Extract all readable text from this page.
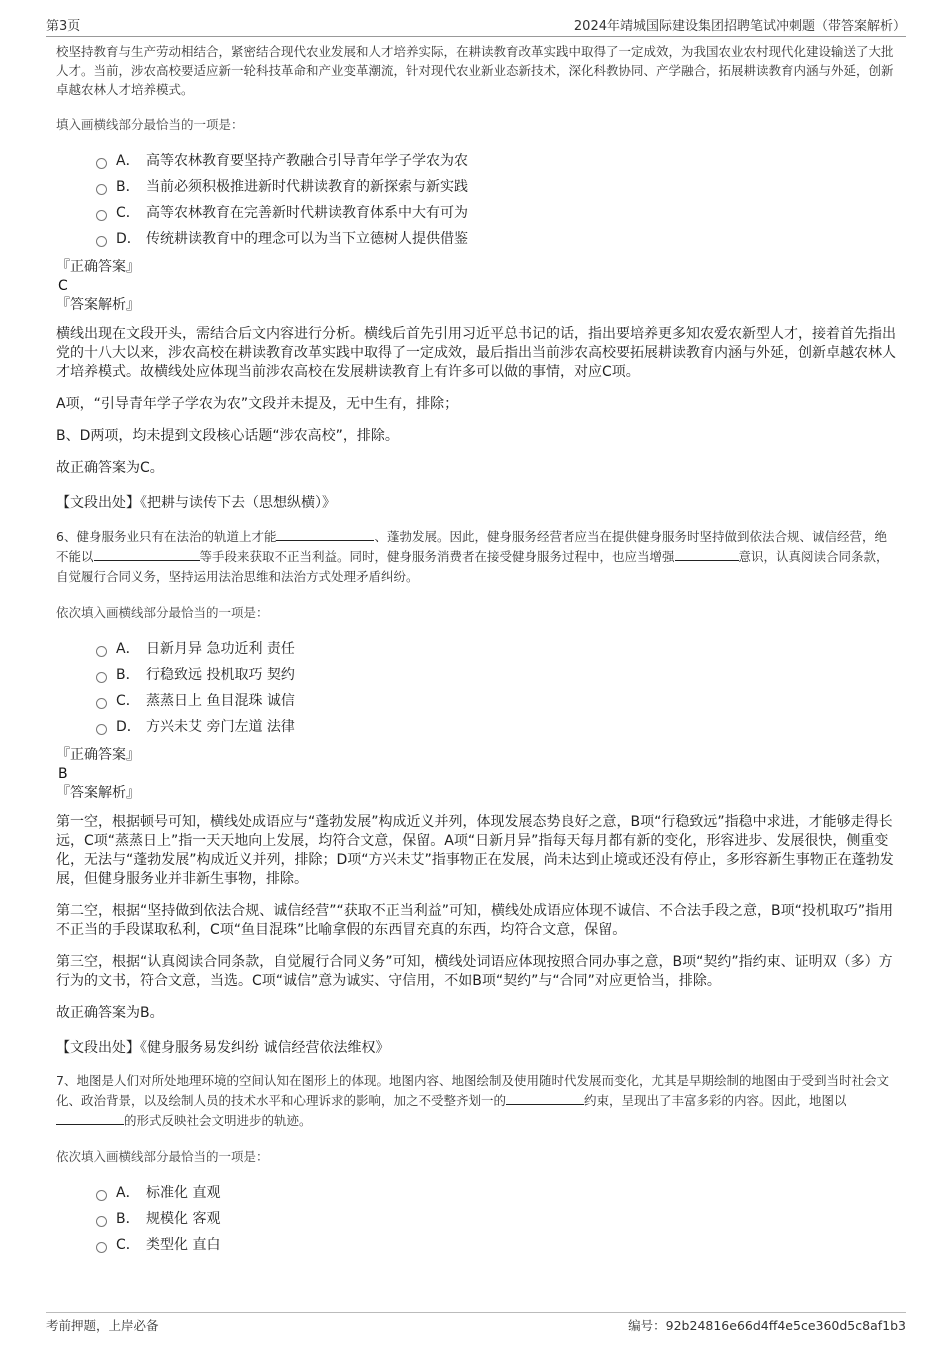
第3页	2024年靖城国际建设集团招聘笔试冲刺题（带答案解析）

校坚持教育与生产劳动相结合，紧密结合现代农业发展和人才培养实际，在耕读教育改革实践中取得了一定成效，为我国农业农村现代化建设输送了大批人才。当前，涉农高校要适应新一轮科技革命和产业变革潮流，针对现代农业新业态新技术，深化科教协同、产学融合，拓展耕读教育内涵与外延，创新卓越农林人才培养模式。

填入画横线部分最恰当的一项是：
A． 高等农林教育要坚持产教融合引导青年学子学农为农
B． 当前必须积极推进新时代耕读教育的新探索与新实践
C． 高等农林教育在完善新时代耕读教育体系中大有可为
D． 传统耕读教育中的理念可以为当下立德树人提供借鉴
『正确答案』
C
『答案解析』

横线出现在文段开头，需结合后文内容进行分析。横线后首先引用习近平总书记的话，指出要培养更多知农爱农新型人才，接着首先指出党的十八大以来，涉农高校在耕读教育改革实践中取得了一定成效，最后指出当前涉农高校要拓展耕读教育内涵与外延，创新卓越农林人才培养模式。故横线处应体现当前涉农高校在发展耕读教育上有许多可以做的事情，对应C项。

A项，“引导青年学子学农为农”文段并未提及，无中生有，排除；

B、D两项，均未提到文段核心话题“涉农高校”，排除。

故正确答案为C。

【文段出处】《把耕与读传下去（思想纵横）》

6、健身服务业只有在法治的轨道上才能	、蓬勃发展。因此，健身服务经营者应当在提供健身服务时坚持做到依法合规、诚信经营，绝不能以	等手段来获取不正当利益。同时，健身服务消费者在接受健身服务过程中，也应当增强	意识，认真阅读合同条款，自觉履行合同义务，坚持运用法治思维和法治方式处理矛盾纠纷。

依次填入画横线部分最恰当的一项是：
A． 日新月异 急功近利 责任
B． 行稳致远 投机取巧 契约
C． 蒸蒸日上 鱼目混珠 诚信
D． 方兴未艾 旁门左道 法律
『正确答案』
B
『答案解析』

第一空，根据顿号可知，横线处成语应与“蓬勃发展”构成近义并列，体现发展态势良好之意，B项“行稳致远”指稳中求进，才能够走得长远，C项“蒸蒸日上”指一天天地向上发展，均符合文意，保留。A项“日新月异”指每天每月都有新的变化，形容进步、发展很快，侧重变化，无法与“蓬勃发展”构成近义并列，排除；D项“方兴未艾”指事物正在发展，尚未达到止境或还没有停止，多形容新生事物正在蓬勃发展，但健身服务业并非新生事物，排除。

第二空，根据“坚持做到依法合规、诚信经营”“获取不正当利益”可知，横线处成语应体现不诚信、不合法手段之意，B项“投机取巧”指用不正当的手段谋取私利，C项“鱼目混珠”比喻拿假的东西冒充真的东西，均符合文意，保留。

第三空，根据“认真阅读合同条款，自觉履行合同义务”可知，横线处词语应体现按照合同办事之意，B项“契约”指约束、证明双（多）方行为的文书，符合文意，当选。C项“诚信”意为诚实、守信用，不如B项“契约”与“合同”对应更恰当，排除。

故正确答案为B。

【文段出处】《健身服务易发纠纷 诚信经营依法维权》

7、地图是人们对所处地理环境的空间认知在图形上的体现。地图内容、地图绘制及使用随时代发展而变化，尤其是早期绘制的地图由于受到当时社会文化、政治背景，以及绘制人员的技术水平和心理诉求的影响，加之不受整齐划一的	约束，呈现出了丰富多彩的内容。因此，地图以的形式反映社会文明进步的轨迹。

依次填入画横线部分最恰当的一项是：
A． 标准化 直观
B． 规模化 客观
C． 类型化 直白
考前押题，上岸必备	编号：92b24816e66d4ff4e5ce360d5c8af1b3
